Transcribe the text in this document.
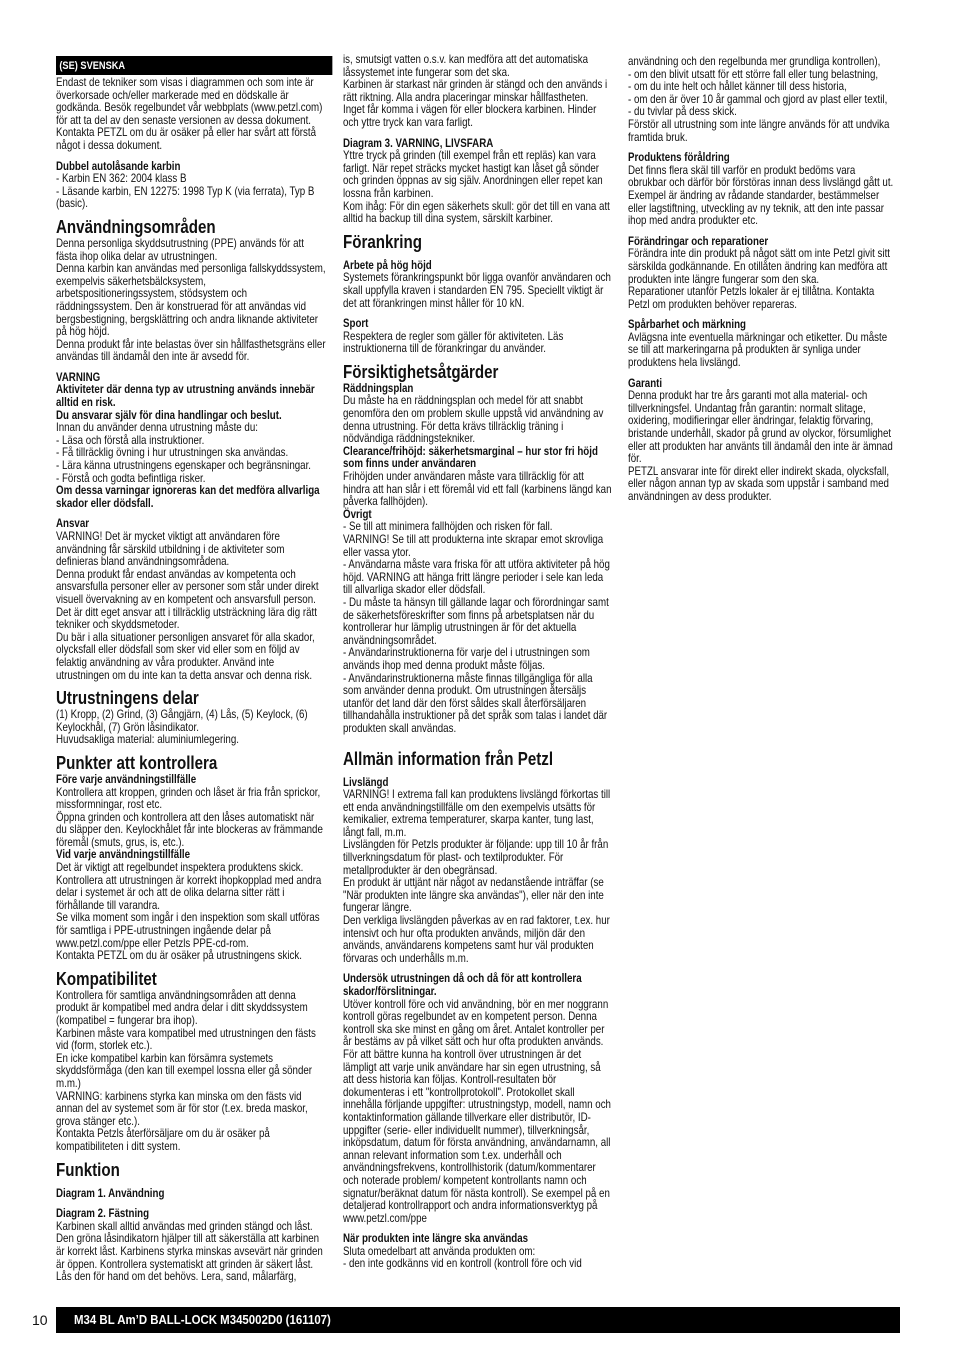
(SE) SVENSKA

Endast de tekniker som visas i diagrammen och som inte är överkorsade och/eller markerade med en dödskalle är godkända. Besök regelbundet vår webbplats (www.petzl.com) för att ta del av den senaste versionen av dessa dokument. Kontakta PETZL om du är osäker på eller har svårt att förstå något i dessa dokument.

Dubbel autolåsande karbin

- Karbin EN 362: 2004 klass B

- Läsande karbin, EN 12275: 1998 Typ K (via ferrata), Typ B (basic).

Användningsområden

Denna personliga skyddsutrustning (PPE) används för att fästa ihop olika delar av utrustningen.

Denna karbin kan användas med personliga fallskyddssystem, exempelvis säkerhetsbälcksystem, arbetspositioneringssystem, stödsystem och räddningssystem. Den är konstruerad för att användas vid bergsbestigning, bergsklättring och andra liknande aktiviteter på hög höjd.

Denna produkt får inte belastas över sin hållfasthetsgräns eller användas till ändamål den inte är avsedd för.

VARNING

Aktiviteter där denna typ av utrustning används innebär alltid en risk.

Du ansvarar själv för dina handlingar och beslut.

Innan du använder denna utrustning måste du:

- Läsa och förstå alla instruktioner.

- Få tillräcklig övning i hur utrustningen ska användas.

- Lära känna utrustningens egenskaper och begränsningar.

- Förstå och godta befintliga risker.

Om dessa varningar ignoreras kan det medföra allvarliga skador eller dödsfall.

Ansvar

VARNING! Det är mycket viktigt att användaren före användning får särskild utbildning i de aktiviteter som definieras bland användningsområdena.

Denna produkt får endast användas av kompetenta och ansvarsfulla personer eller av personer som står under direkt visuell övervakning av en kompetent och ansvarsfull person. Det är ditt eget ansvar att i tillräcklig utsträckning lära dig rätt tekniker och skyddsmetoder.

Du bär i alla situationer personligen ansvaret för alla skador, olycksfall eller dödsfall som sker vid eller som en följd av felaktig användning av våra produkter. Använd inte utrustningen om du inte kan ta detta ansvar och denna risk.

Utrustningens delar

(1) Kropp, (2) Grind, (3) Gångjärn, (4) Lås, (5) Keylock, (6) Keylockhål, (7) Grön låsindikator.

Huvudsakliga material: aluminiumlegering.

Punkter att kontrollera

Före varje användningstillfälle

Kontrollera att kroppen, grinden och låset är fria från sprickor, missformningar, rost etc.

Öppna grinden och kontrollera att den låses automatiskt när du släpper den. Keylockhålet får inte blockeras av främmande föremål (smuts, grus, is, etc.).

Vid varje användningstillfälle

Det är viktigt att regelbundet inspektera produktens skick. Kontrollera att utrustningen är korrekt ihopkopplad med andra delar i systemet är och att de olika delarna sitter rätt i förhållande till varandra.

Se vilka moment som ingår i den inspektion som skall utföras för samtliga i PPE-utrustningen ingående delar på www.petzl.com/ppe eller Petzls PPE-cd-rom.

Kontakta PETZL om du är osäker på utrustningens skick.

Kompatibilitet

Kontrollera för samtliga användningsområden att denna produkt är kompatibel med andra delar i ditt skyddssystem (kompatibel = fungerar bra ihop).

Karbinen måste vara kompatibel med utrustningen den fästs vid (form, storlek etc.).

En icke kompatibel karbin kan försämra systemets skyddsförmåga (den kan till exempel lossna eller gå sönder m.m.)

VARNING: karbinens styrka kan minska om den fästs vid annan del av systemet som är för stor (t.ex. breda maskor, grova stänger etc.).

Kontakta Petzls återförsäljare om du är osäker på kompatibiliteten i ditt system.

Funktion

Diagram 1. Användning

Diagram 2. Fästning

Karbinen skall alltid användas med grinden stängd och låst. Den gröna låsindikatorn hjälper till att säkerställa att karbinen är korrekt låst. Karbinens styrka minskas avsevärt när grinden är öppen. Kontrollera systematiskt att grinden är säkert låst. Lås den för hand om det behövs. Lera, sand, målarfärg,

is, smutsigt vatten o.s.v. kan medföra att det automatiska låssystemet inte fungerar som det ska.

Karbinen är starkast när grinden är stängd och den används i rätt riktning. Alla andra placeringar minskar hållfastheten. Inget får komma i vägen för eller blockera karbinen. Hinder och yttre tryck kan vara farligt.

Diagram 3. VARNING, LIVSFARA

Yttre tryck på grinden (till exempel från ett repläs) kan vara farligt. När repet sträcks mycket hastigt kan låset gå sönder och grinden öppnas av sig själv. Anordningen eller repet kan lossna från karbinen.

Kom ihåg: För din egen säkerhets skull: gör det till en vana att alltid ha backup till dina system, särskilt karbiner.

Förankring

Arbete på hög höjd

Systemets förankringspunkt bör ligga ovanför användaren och skall uppfylla kraven i standarden EN 795. Speciellt viktigt är det att förankringen minst håller för 10 kN.

Sport

Respektera de regler som gäller för aktiviteten. Läs instruktionerna till de förankringar du använder.

Försiktighetsåtgärder

Räddningsplan

Du måste ha en räddningsplan och medel för att snabbt genomföra den om problem skulle uppstå vid användning av denna utrustning. För detta krävs tillräcklig träning i nödvändiga räddningstekniker.

Clearance/frihöjd: säkerhetsmarginal – hur stor fri höjd som finns under användaren

Frihöjden under användaren måste vara tillräcklig för att hindra att han slår i ett föremål vid ett fall (karbinens längd kan påverka fallhöjden).

Övrigt

- Se till att minimera fallhöjden och risken för fall.

VARNING! Se till att produkterna inte skrapar emot skrovliga eller vassa ytor.

- Användarna måste vara friska för att utföra aktiviteter på hög höjd. VARNING att hänga fritt längre perioder i sele kan leda till allvarliga skador eller dödsfall.

- Du måste ta hänsyn till gällande lagar och förordningar samt de säkerhetsföreskrifter som finns på arbetsplatsen när du kontrollerar hur lämplig utrustningen är för det aktuella användningsområdet.

- Användarinstruktionerna för varje del i utrustningen som används ihop med denna produkt måste följas.

- Användarinstruktionerna måste finnas tillgängliga för alla som använder denna produkt. Om utrustningen återsäljs utanför det land där den först såldes skall återförsäljaren tillhandahålla instruktioner på det språk som talas i landet där produkten skall användas.

Allmän information från Petzl

Livslängd

VARNING! I extrema fall kan produktens livslängd förkortas till ett enda användningstillfälle om den exempelvis utsätts för kemikalier, extrema temperaturer, skarpa kanter, tung last, långt fall, m.m.

Livslängden för Petzls produkter är följande: upp till 10 år från tillverkningsdatum för plast- och textilprodukter. För metallprodukter är den obegränsad.

En produkt är uttjänt när något av nedanstående inträffar (se "När produkten inte längre ska användas"), eller när den inte fungerar längre.

Den verkliga livslängden påverkas av en rad faktorer, t.ex. hur intensivt och hur ofta produkten används, miljön där den används, användarens kompetens samt hur väl produkten förvaras och underhålls m.m.

Undersök utrustningen då och då för att kontrollera skador/förslitningar.

Utöver kontroll före och vid användning, bör en mer noggrann kontroll göras regelbundet av en kompetent person. Denna kontroll ska ske minst en gång om året. Antalet kontroller per år bestäms av på vilket sätt och hur ofta produkten används. För att bättre kunna ha kontroll över utrustningen är det lämpligt att varje unik användare har sin egen utrustning, så att dess historia kan följas. Kontroll-resultaten bör dokumenteras i ett "kontrollprotokoll". Protokollet skall innehålla förljande uppgifter: utrustningstyp, modell, namn och kontaktinformation gällande tillverkare eller distributör, ID-uppgifter (serie- eller individuellt nummer), tillverkningsår, inköpsdatum, datum för första användning, användarnamn, all annan relevant information som t.ex. underhåll och användningsfrekvens, kontrollhistorik (datum/kommentarer och noterade problem/ kompetent kontrollants namn och signatur/beräknat datum för nästa kontroll). Se exempel på en detaljerad kontrollrapport och andra informationsverktyg på www.petzl.com/ppe

När produkten inte längre ska användas

Sluta omedelbart att använda produkten om:

- den inte godkänns vid en kontroll (kontroll före och vid

användning och den regelbunda mer grundliga kontrollen),

- om den blivit utsatt för ett större fall eller tung belastning,

- om du inte helt och hållet känner till dess historia,

- om den är över 10 år gammal och gjord av plast eller textil,

- du tvivlar på dess skick.

Förstör all utrustning som inte längre används för att undvika framtida bruk.

Produktens föråldring

Det finns flera skäl till varför en produkt bedöms vara obrukbar och därför bör förstöras innan dess livslängd gått ut. Exempel är ändring av rådande standarder, bestämmelser eller lagstiftning, utveckling av ny teknik, att den inte passar ihop med andra produkter etc.

Förändringar och reparationer

Förändra inte din produkt på något sätt om inte Petzl givit sitt särskilda godkännande. En otillåten ändring kan medföra att produkten inte längre fungerar som den ska.

Reparationer utanför Petzls lokaler är ej tillåtna. Kontakta Petzl om produkten behöver repareras.

Spårbarhet och märkning

Avlägsna inte eventuella märkningar och etiketter. Du måste se till att markeringarna på produkten är synliga under produktens hela livslängd.

Garanti

Denna produkt har tre års garanti mot alla material- och tillverkningsfel. Undantag från garantin: normalt slitage, oxidering, modifieringar eller ändringar, felaktig förvaring, bristande underhåll, skador på grund av olyckor, försumlighet eller att produkten har använts till ändamål den inte är ämnad för.

PETZL ansvarar inte för direkt eller indirekt skada, olycksfall, eller någon annan typ av skada som uppstår i samband med användningen av dess produkter.

10	M34 BL Am’D BALL-LOCK M345002D0 (161107)
